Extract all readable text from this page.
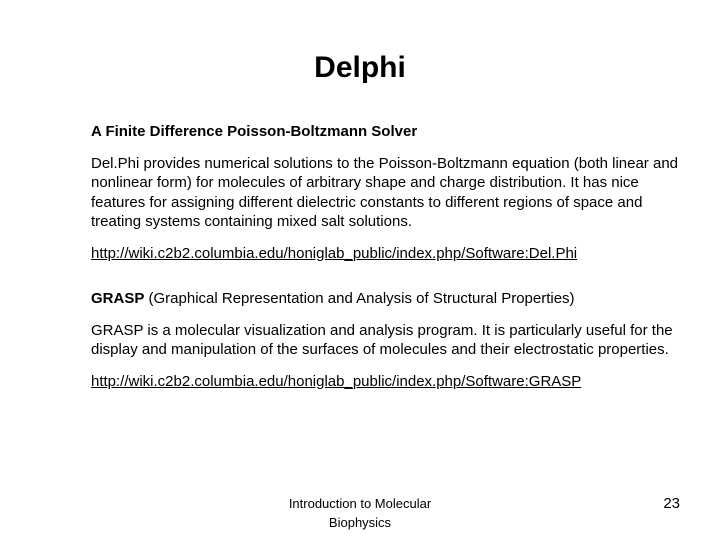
Delphi

A Finite Difference Poisson-Boltzmann Solver

Del.Phi provides numerical solutions to the Poisson-Boltzmann equation (both linear and nonlinear form) for molecules of arbitrary shape and charge distribution. It has nice features for assigning different dielectric constants to different regions of space and treating systems containing mixed salt solutions.

http://wiki.c2b2.columbia.edu/honiglab_public/index.php/Software:Del.Phi

GRASP (Graphical Representation and Analysis of Structural Properties)

GRASP is a molecular visualization and analysis program. It is particularly useful for the display and manipulation of the surfaces of molecules and their electrostatic properties.

http://wiki.c2b2.columbia.edu/honiglab_public/index.php/Software:GRASP

Introduction to Molecular Biophysics
23
